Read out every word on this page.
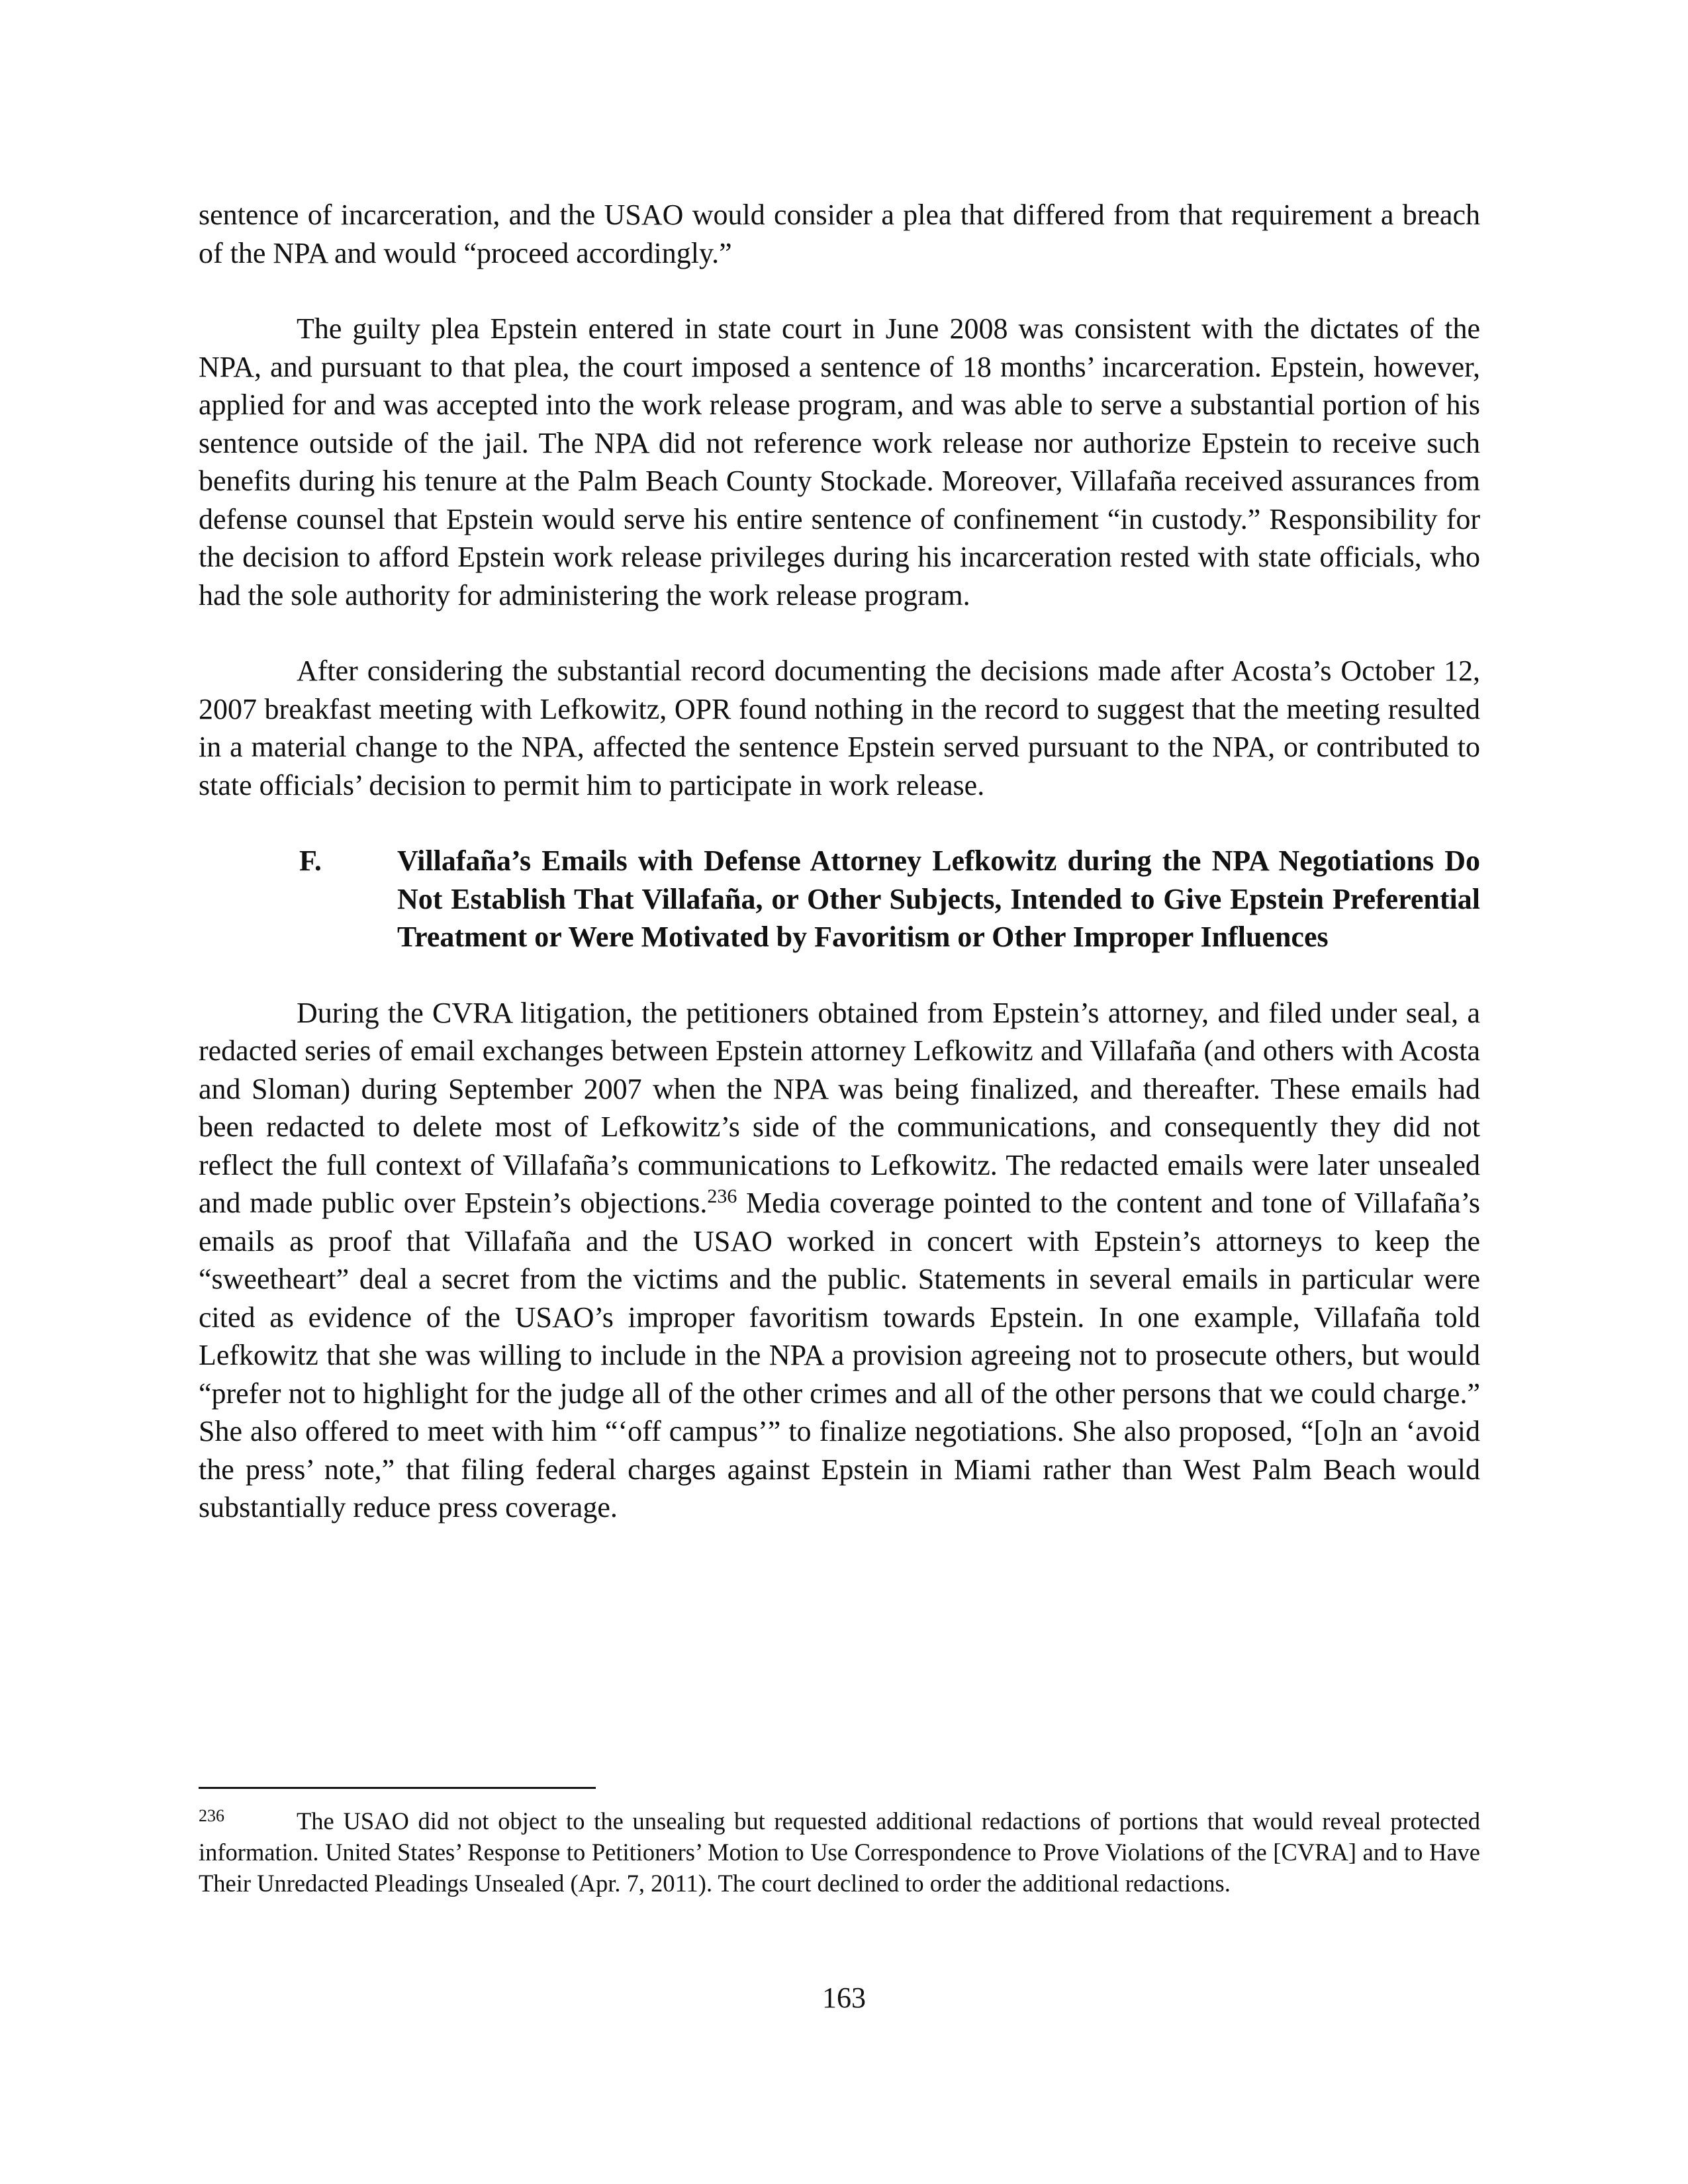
sentence of incarceration, and the USAO would consider a plea that differed from that requirement a breach of the NPA and would “proceed accordingly.”

The guilty plea Epstein entered in state court in June 2008 was consistent with the dictates of the NPA, and pursuant to that plea, the court imposed a sentence of 18 months’ incarceration. Epstein, however, applied for and was accepted into the work release program, and was able to serve a substantial portion of his sentence outside of the jail. The NPA did not reference work release nor authorize Epstein to receive such benefits during his tenure at the Palm Beach County Stockade. Moreover, Villafaña received assurances from defense counsel that Epstein would serve his entire sentence of confinement “in custody.” Responsibility for the decision to afford Epstein work release privileges during his incarceration rested with state officials, who had the sole authority for administering the work release program.

After considering the substantial record documenting the decisions made after Acosta’s October 12, 2007 breakfast meeting with Lefkowitz, OPR found nothing in the record to suggest that the meeting resulted in a material change to the NPA, affected the sentence Epstein served pursuant to the NPA, or contributed to state officials’ decision to permit him to participate in work release.

F.	Villafaña’s Emails with Defense Attorney Lefkowitz during the NPA Negotiations Do Not Establish That Villafaña, or Other Subjects, Intended to Give Epstein Preferential Treatment or Were Motivated by Favoritism or Other Improper Influences

During the CVRA litigation, the petitioners obtained from Epstein’s attorney, and filed under seal, a redacted series of email exchanges between Epstein attorney Lefkowitz and Villafaña (and others with Acosta and Sloman) during September 2007 when the NPA was being finalized, and thereafter. These emails had been redacted to delete most of Lefkowitz’s side of the communications, and consequently they did not reflect the full context of Villafaña’s communications to Lefkowitz. The redacted emails were later unsealed and made public over Epstein’s objections.$^{236}$ Media coverage pointed to the content and tone of Villafaña’s emails as proof that Villafaña and the USAO worked in concert with Epstein’s attorneys to keep the “sweetheart” deal a secret from the victims and the public. Statements in several emails in particular were cited as evidence of the USAO’s improper favoritism towards Epstein. In one example, Villafaña told Lefkowitz that she was willing to include in the NPA a provision agreeing not to prosecute others, but would “prefer not to highlight for the judge all of the other crimes and all of the other persons that we could charge.” She also offered to meet with him “‘off campus’” to finalize negotiations. She also proposed, “[o]n an ‘avoid the press’ note,” that filing federal charges against Epstein in Miami rather than West Palm Beach would substantially reduce press coverage.

236	The USAO did not object to the unsealing but requested additional redactions of portions that would reveal protected information. United States’ Response to Petitioners’ Motion to Use Correspondence to Prove Violations of the [CVRA] and to Have Their Unredacted Pleadings Unsealed (Apr. 7, 2011). The court declined to order the additional redactions.

163
